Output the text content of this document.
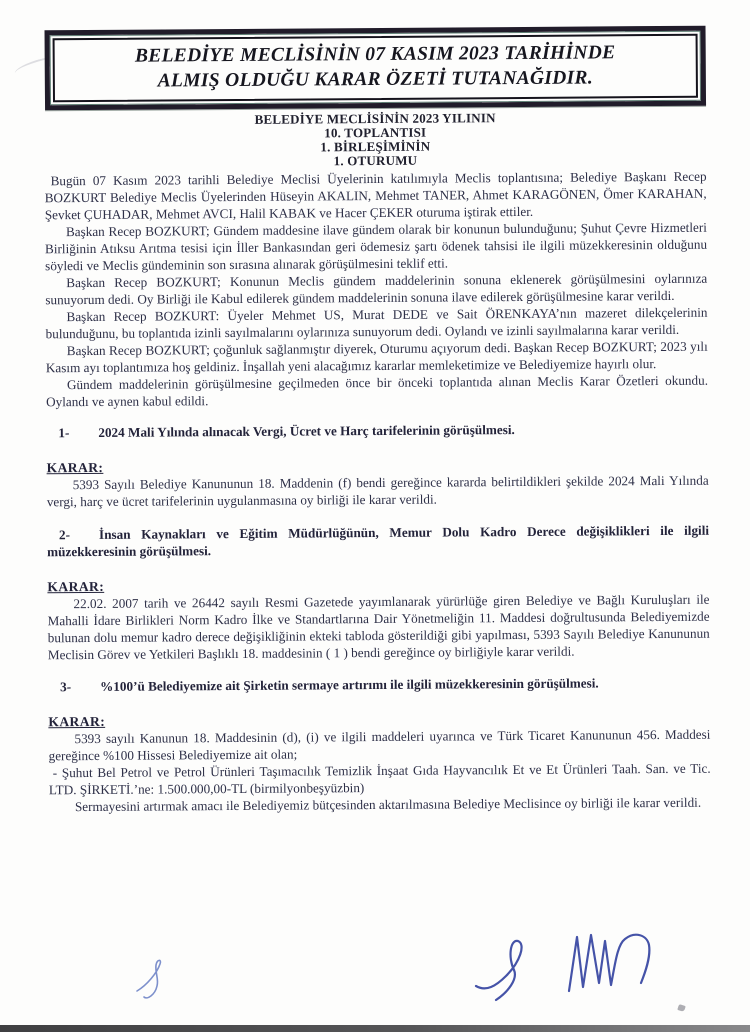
BELEDİYE MECLİSİNİN 07 KASIM 2023 TARİHİNDE
ALMIŞ OLDUĞU KARAR ÖZETİ TUTANAĞIDIR.
BELEDİYE MECLİSİNİN 2023 YILININ
10. TOPLANTISI
1. BİRLEŞİMİNİN
1. OTURUMU

Bugün 07 Kasım 2023 tarihli Belediye Meclisi Üyelerinin katılımıyla Meclis toplantısına; Belediye Başkanı Recep BOZKURT Belediye Meclis Üyelerinden Hüseyin AKALIN, Mehmet TANER, Ahmet KARAGÖNEN, Ömer KARAHAN, Şevket ÇUHADAR, Mehmet AVCI, Halil KABAK ve Hacer ÇEKER oturuma iştirak ettiler.

Başkan Recep BOZKURT; Gündem maddesine ilave gündem olarak bir konunun bulunduğunu; Şuhut Çevre Hizmetleri Birliğinin Atıksu Arıtma tesisi için İller Bankasından geri ödemesiz şartı ödenek tahsisi ile ilgili müzekkeresinin olduğunu söyledi ve Meclis gündeminin son sırasına alınarak görüşülmesini teklif etti.

Başkan Recep BOZKURT; Konunun Meclis gündem maddelerinin sonuna eklenerek görüşülmesini oylarınıza sunuyorum dedi. Oy Birliği ile Kabul edilerek gündem maddelerinin sonuna ilave edilerek görüşülmesine karar verildi.

Başkan Recep BOZKURT: Üyeler Mehmet US, Murat DEDE ve Sait ÖRENKAYA’nın mazeret dilekçelerinin bulunduğunu, bu toplantıda izinli sayılmalarını oylarınıza sunuyorum dedi. Oylandı ve izinli sayılmalarına karar verildi.

Başkan Recep BOZKURT; çoğunluk sağlanmıştır diyerek, Oturumu açıyorum dedi. Başkan Recep BOZKURT; 2023 yılı Kasım ayı toplantımıza hoş geldiniz. İnşallah yeni alacağımız kararlar memleketimize ve Belediyemize hayırlı olur.

Gündem maddelerinin görüşülmesine geçilmeden önce bir önceki toplantıda alınan Meclis Karar Özetleri okundu. Oylandı ve aynen kabul edildi.

1- 2024 Mali Yılında alınacak Vergi, Ücret ve Harç tarifelerinin görüşülmesi.
KARAR:

5393 Sayılı Belediye Kanununun 18. Maddenin (f) bendi gereğince kararda belirtildikleri şekilde 2024 Mali Yılında vergi, harç ve ücret tarifelerinin uygulanmasına oy birliği ile karar verildi.

2- İnsan Kaynakları ve Eğitim Müdürlüğünün, Memur Dolu Kadro Derece değişiklikleri ile ilgili müzekkeresinin görüşülmesi.
KARAR:

22.02. 2007 tarih ve 26442 sayılı Resmi Gazetede yayımlanarak yürürlüğe giren Belediye ve Bağlı Kuruluşları ile Mahalli İdare Birlikleri Norm Kadro İlke ve Standartlarına Dair Yönetmeliğin 11. Maddesi doğrultusunda Belediyemizde bulunan dolu memur kadro derece değişikliğinin ekteki tabloda gösterildiği gibi yapılması, 5393 Sayılı Belediye Kanununun Meclisin Görev ve Yetkileri Başlıklı 18. maddesinin ( 1 ) bendi gereğince oy birliğiyle karar verildi.

3- %100’ü Belediyemize ait Şirketin sermaye artırımı ile ilgili müzekkeresinin görüşülmesi.
KARAR:

5393 sayılı Kanunun 18. Maddesinin (d), (i) ve ilgili maddeleri uyarınca ve Türk Ticaret Kanununun 456. Maddesi gereğince %100 Hissesi Belediyemize ait olan;

- Şuhut Bel Petrol ve Petrol Ürünleri Taşımacılık Temizlik İnşaat Gıda Hayvancılık Et ve Et Ürünleri Taah. San. ve Tic. LTD. ŞİRKETİ.’ne: 1.500.000,00-TL (birmilyonbeşyüzbin)

Sermayesini artırmak amacı ile Belediyemiz bütçesinden aktarılmasına Belediye Meclisince oy birliği ile karar verildi.
